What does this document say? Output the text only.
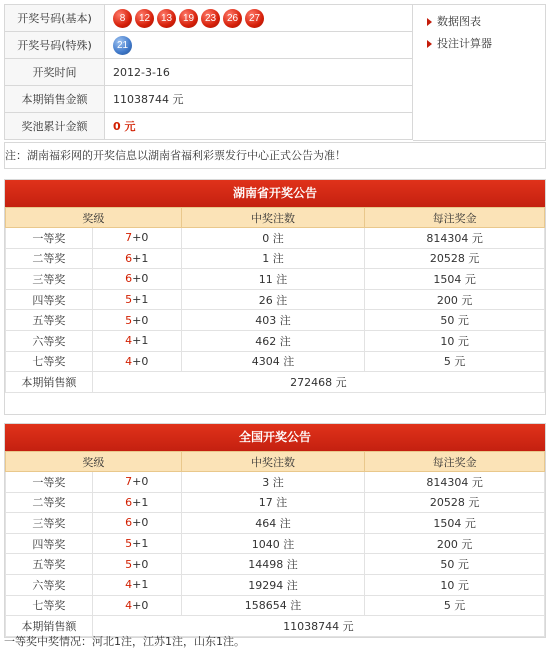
开奖号码(基本)	8 12 13 19 23 26 27
开奖号码(特殊)	21
开奖时间	2012-3-16
本期销售金额	11038744 元
奖池累计金额	0 元
数据图表
投注计算器
注：湖南福彩网的开奖信息以湖南省福利彩票发行中心正式公告为准！
湖南省开奖公告
奖级		中奖注数	每注奖金
一等奖	7+0	0 注	814304 元
二等奖	6+1	1 注	20528 元
三等奖	6+0	11 注	1504 元
四等奖	5+1	26 注	200 元
五等奖	5+0	403 注	50 元
六等奖	4+1	462 注	10 元
七等奖	4+0	4304 注	5 元
本期销售额	272468 元		
全国开奖公告
奖级		中奖注数	每注奖金
一等奖	7+0	3 注	814304 元
二等奖	6+1	17 注	20528 元
三等奖	6+0	464 注	1504 元
四等奖	5+1	1040 注	200 元
五等奖	5+0	14498 注	50 元
六等奖	4+1	19294 注	10 元
七等奖	4+0	158654 注	5 元
本期销售额	11038744 元		
一等奖中奖情况：河北1注，江苏1注，山东1注。
